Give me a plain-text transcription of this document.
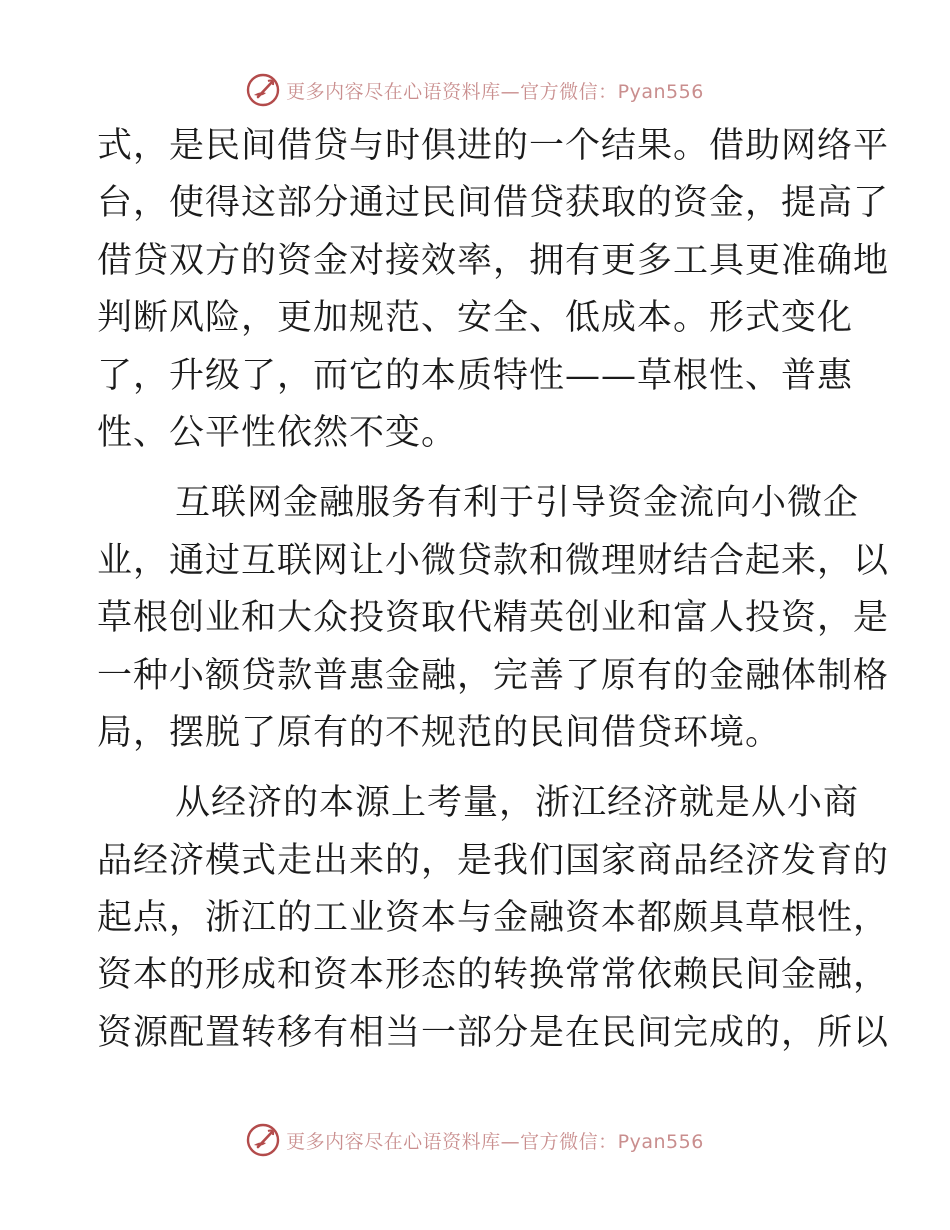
更多内容尽在心语资料库—官方微信：Pyan556
式，是民间借贷与时俱进的一个结果。借助网络平
台，使得这部分通过民间借贷获取的资金，提高了
借贷双方的资金对接效率，拥有更多工具更准确地
判断风险，更加规范、安全、低成本。形式变化
了，升级了，而它的本质特性——草根性、普惠
性、公平性依然不变。
互联网金融服务有利于引导资金流向小微企
业，通过互联网让小微贷款和微理财结合起来，以
草根创业和大众投资取代精英创业和富人投资，是
一种小额贷款普惠金融，完善了原有的金融体制格
局，摆脱了原有的不规范的民间借贷环境。
从经济的本源上考量，浙江经济就是从小商
品经济模式走出来的，是我们国家商品经济发育的
起点，浙江的工业资本与金融资本都颇具草根性，
资本的形成和资本形态的转换常常依赖民间金融，
资源配置转移有相当一部分是在民间完成的，所以
更多内容尽在心语资料库—官方微信：Pyan556
